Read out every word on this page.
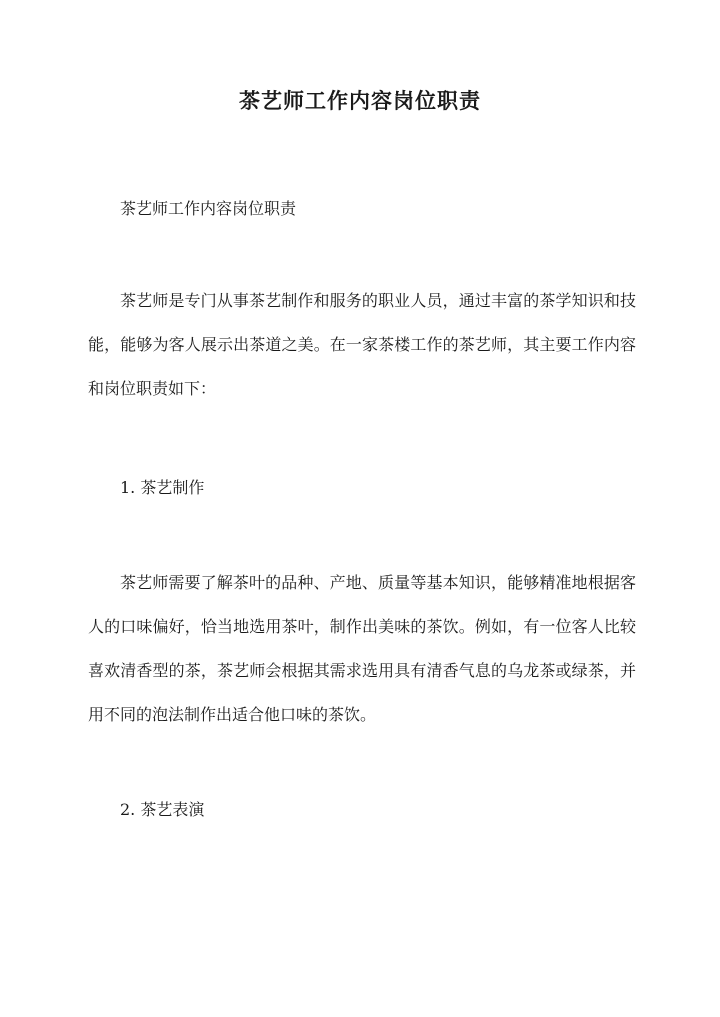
茶艺师工作内容岗位职责

茶艺师工作内容岗位职责

茶艺师是专门从事茶艺制作和服务的职业人员，通过丰富的茶学知识和技能，能够为客人展示出茶道之美。在一家茶楼工作的茶艺师，其主要工作内容和岗位职责如下：

1. 茶艺制作

茶艺师需要了解茶叶的品种、产地、质量等基本知识，能够精准地根据客人的口味偏好，恰当地选用茶叶，制作出美味的茶饮。例如，有一位客人比较喜欢清香型的茶，茶艺师会根据其需求选用具有清香气息的乌龙茶或绿茶，并用不同的泡法制作出适合他口味的茶饮。

2. 茶艺表演
